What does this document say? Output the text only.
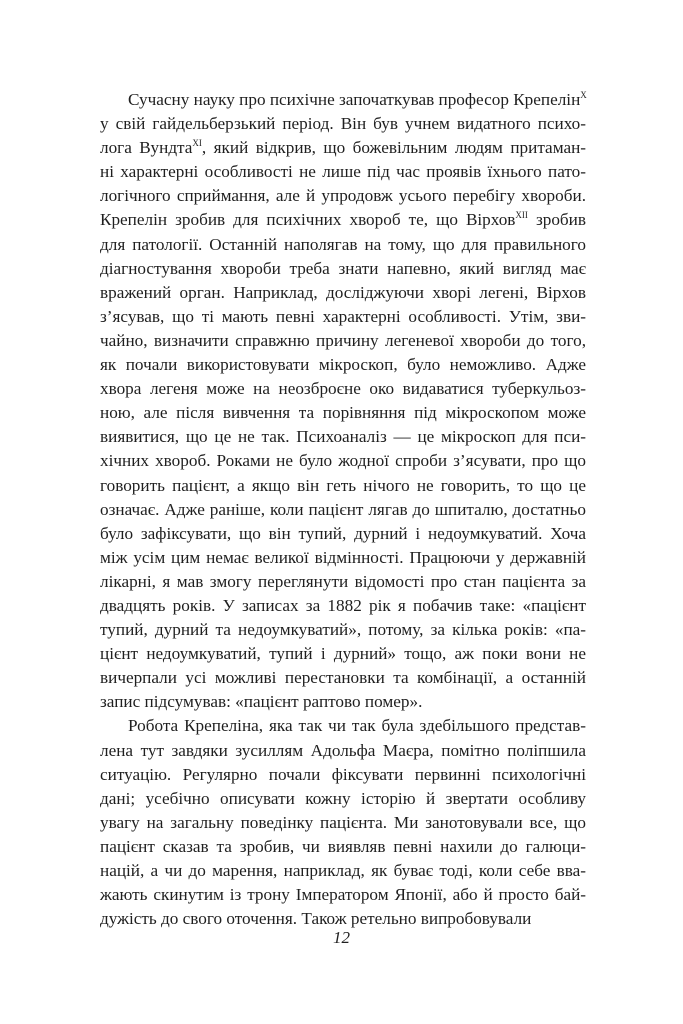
Сучасну науку про психічне започаткував професор Крепелін$^X$
у свій гайдельберзький період. Він був учнем видатного психо-
лога Вундта$^{XI}$, який відкрив, що божевільним людям притаман-
ні характерні особливості не лише під час проявів їхнього пато-
логічного сприймання, але й упродовж усього перебігу хвороби.
Крепелін зробив для психічних хвороб те, що Вірхов$^{XII}$ зробив
для патології. Останній наполягав на тому, що для правильного
діагностування хвороби треба знати напевно, який вигляд має
вражений орган. Наприклад, досліджуючи хворі легені, Вірхов
з’ясував, що ті мають певні характерні особливості. Утім, зви-
чайно, визначити справжню причину легеневої хвороби до того,
як почали використовувати мікроскоп, було неможливо. Адже
хвора легеня може на неозброєне око видаватися туберкульоз-
ною, але після вивчення та порівняння під мікроскопом може
виявитися, що це не так. Психоаналіз — це мікроскоп для пси-
хічних хвороб. Роками не було жодної спроби з’ясувати, про що
говорить пацієнт, а якщо він геть нічого не говорить, то що це
означає. Адже раніше, коли пацієнт лягав до шпиталю, достатньо
було зафіксувати, що він тупий, дурний і недоумкуватий. Хоча
між усім цим немає великої відмінності. Працюючи у державній
лікарні, я мав змогу переглянути відомості про стан пацієнта за
двадцять років. У записах за 1882 рік я побачив таке: «пацієнт
тупий, дурний та недоумкуватий», потому, за кілька років: «па-
цієнт недоумкуватий, тупий і дурний» тощо, аж поки вони не
вичерпали усі можливі перестановки та комбінації, а останній
запис підсумував: «пацієнт раптово помер».
Робота Крепеліна, яка так чи так була здебільшого представ-
лена тут завдяки зусиллям Адольфа Маєра, помітно поліпшила
ситуацію. Регулярно почали фіксувати первинні психологічні
дані; усебічно описувати кожну історію й звертати особливу
увагу на загальну поведінку пацієнта. Ми занотовували все, що
пацієнт сказав та зробив, чи виявляв певні нахили до галюци-
націй, а чи до марення, наприклад, як буває тоді, коли себе вва-
жають скинутим із трону Імператором Японії, або й просто бай-
дужість до свого оточення. Також ретельно випробовували
12
